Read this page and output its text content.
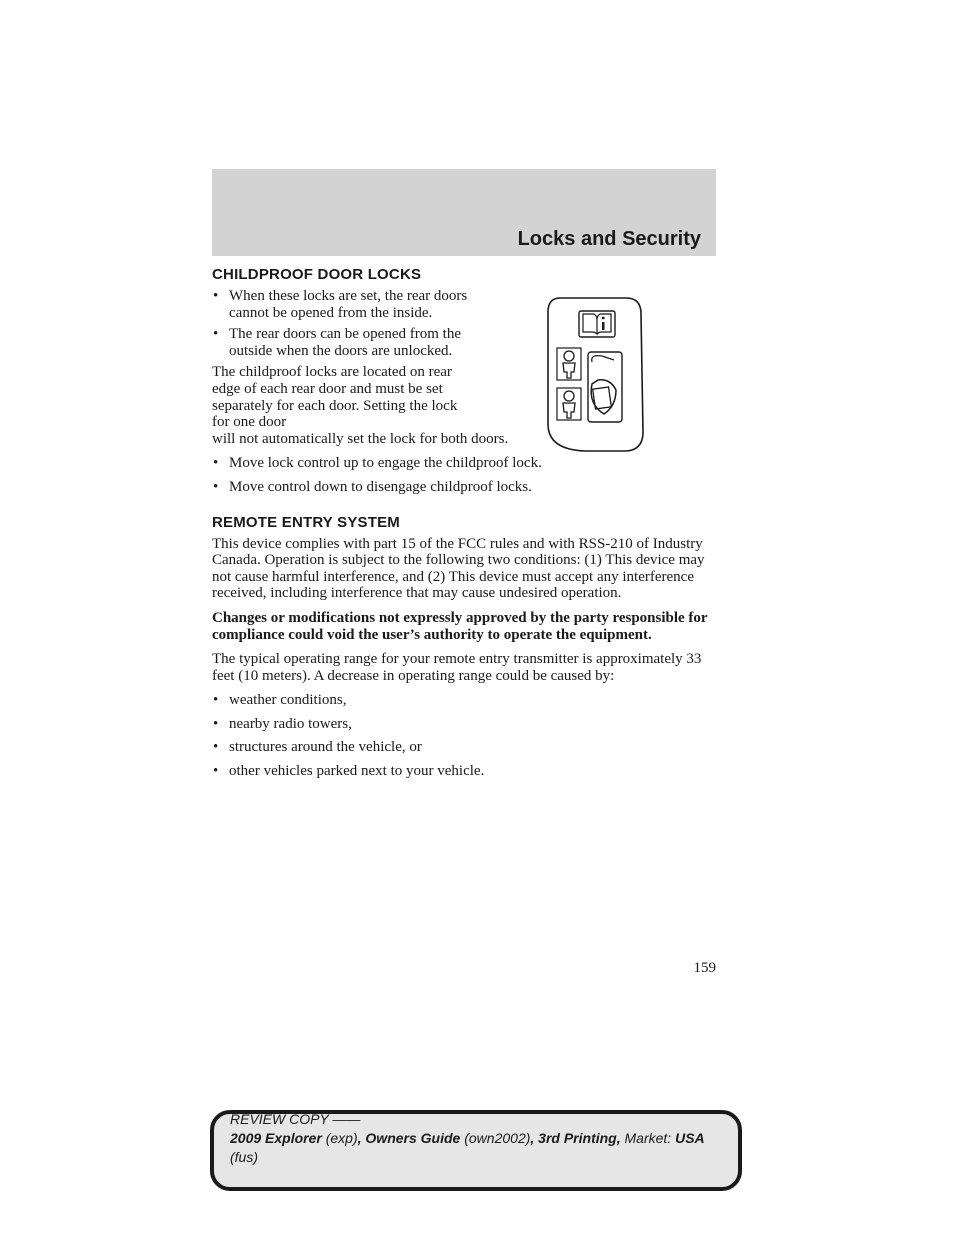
Locks and Security
CHILDPROOF DOOR LOCKS
• When these locks are set, the rear doors cannot be opened from the inside.
• The rear doors can be opened from the outside when the doors are unlocked.

The childproof locks are located on rear edge of each rear door and must be set separately for each door. Setting the lock for one door

will not automatically set the lock for both doors.

• Move lock control up to engage the childproof lock.
• Move control down to disengage childproof locks.
REMOTE ENTRY SYSTEM

This device complies with part 15 of the FCC rules and with RSS-210 of Industry Canada. Operation is subject to the following two conditions: (1) This device may not cause harmful interference, and (2) This device must accept any interference received, including interference that may cause undesired operation.

Changes or modifications not expressly approved by the party responsible for compliance could void the user’s authority to operate the equipment.

The typical operating range for your remote entry transmitter is approximately 33 feet (10 meters). A decrease in operating range could be caused by:

• weather conditions,
• nearby radio towers,
• structures around the vehicle, or
• other vehicles parked next to your vehicle.
159
REVIEW COPY ——
2009 Explorer (exp), Owners Guide (own2002), 3rd Printing, Market: USA
(fus)
